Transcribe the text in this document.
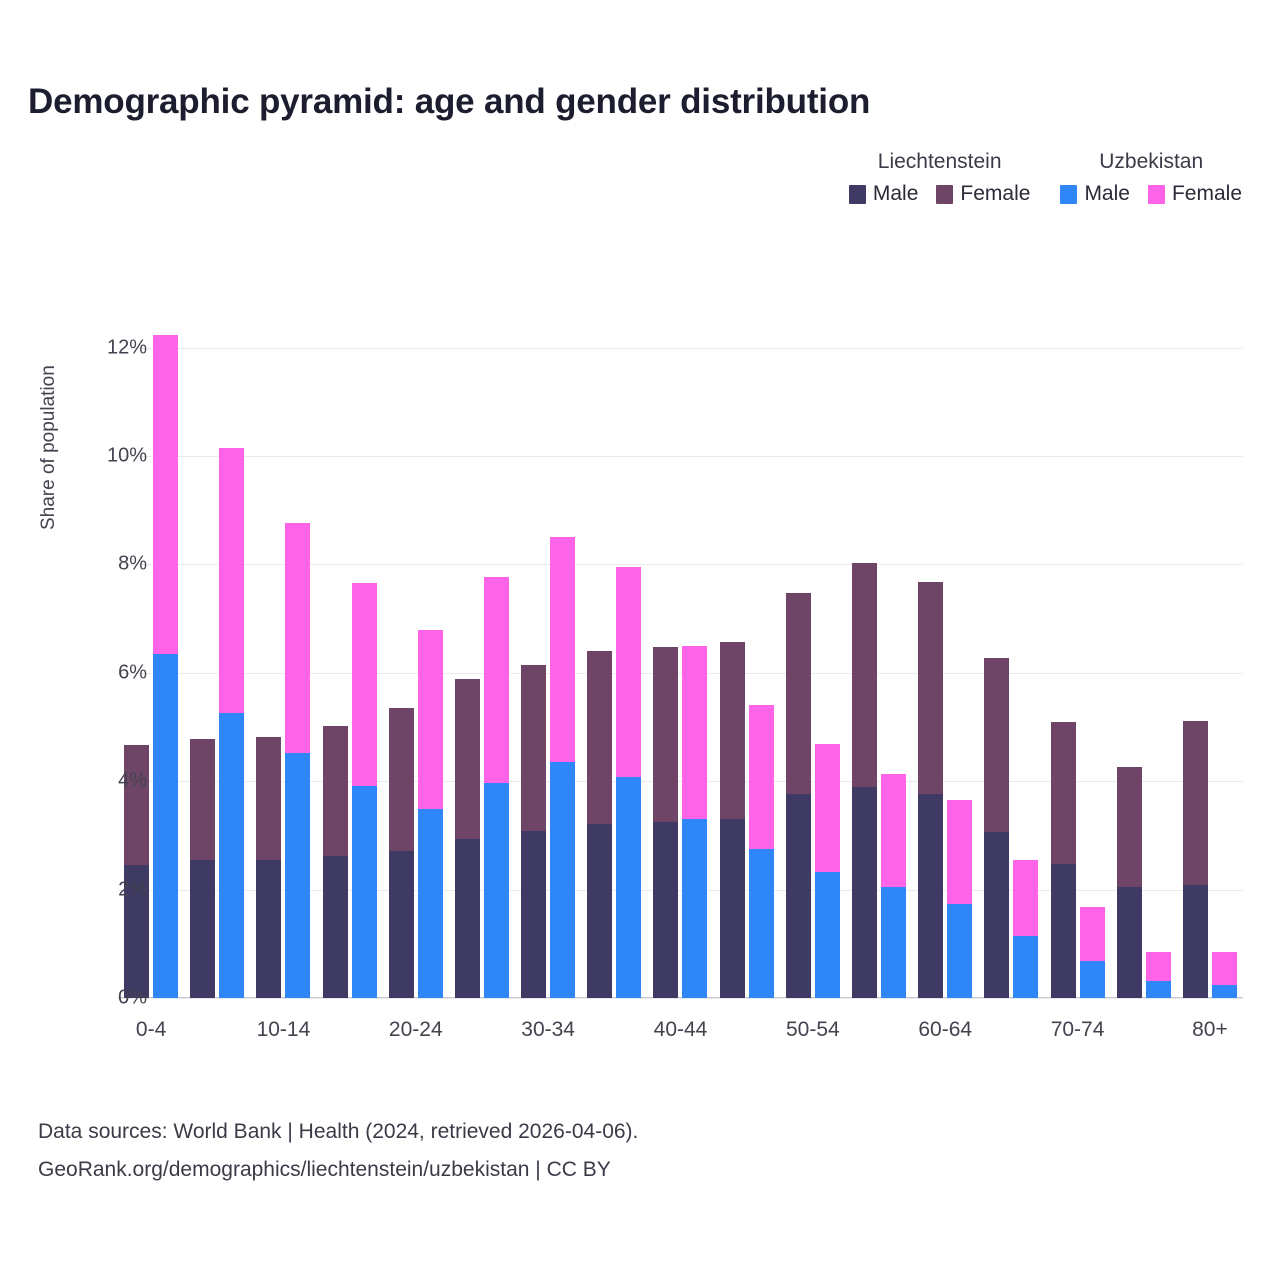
Demographic pyramid: age and gender distribution
Liechtenstein
Male Female
Uzbekistan
Male Female
Share of population
0-4	10-14	20-24	30-34	40-44	50-54	60-64	70-74	80+
Data sources: World Bank | Health (2024, retrieved 2026-04-06).
GeoRank.org/demographics/liechtenstein/uzbekistan | CC BY
0%
2%
4%
6%
8%
10%
12%
